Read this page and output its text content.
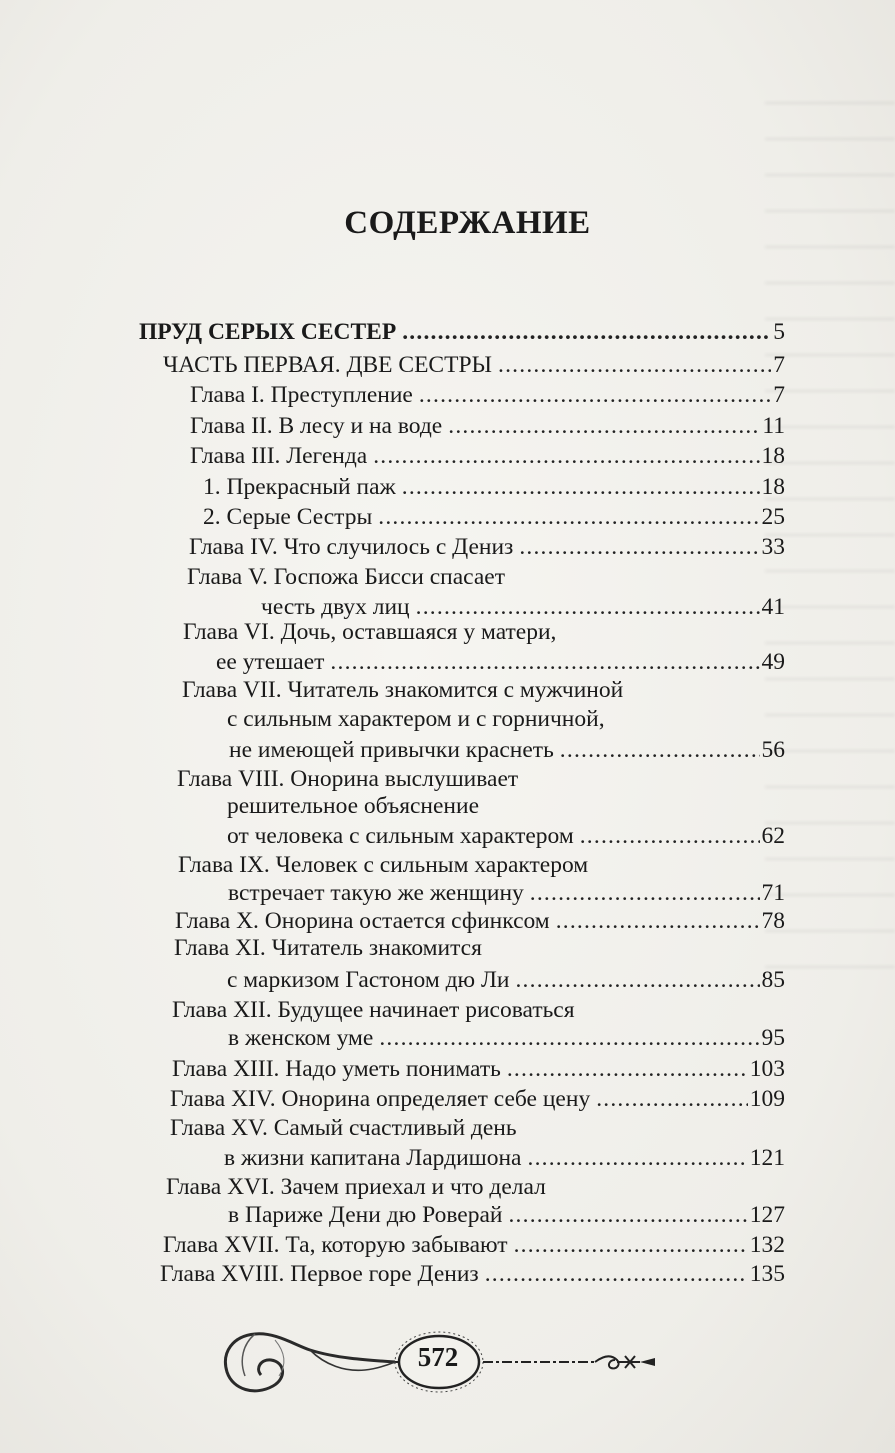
СОДЕРЖАНИЕ
ПРУД СЕРЫХ СЕСТЕР .....	5
ЧАСТЬ ПЕРВАЯ. ДВЕ СЕСТРЫ .....	7
Глава I. Преступление .....	7
Глава II. В лесу и на воде .....	11
Глава III. Легенда .....	18
1. Прекрасный паж .....	18
2. Серые Сестры .....	25
Глава IV. Что случилось с Дениз .....	33
Глава V. Госпожа Бисси спасает
честь двух лиц .....	41
Глава VI. Дочь, оставшаяся у матери,
ее утешает .....	49
Глава VII. Читатель знакомится с мужчиной
с сильным характером и с горничной,
не имеющей привычки краснеть .....	56
Глава VIII. Онорина выслушивает
решительное объяснение
от человека с сильным характером .....	62
Глава IX. Человек с сильным характером
встречает такую же женщину .....	71
Глава X. Онорина остается сфинксом .....	78
Глава XI. Читатель знакомится
с маркизом Гастоном дю Ли .....	85
Глава XII. Будущее начинает рисоваться
в женском уме .....	95
Глава XIII. Надо уметь понимать .....	103
Глава XIV. Онорина определяет себе цену .....	109
Глава XV. Самый счастливый день
в жизни капитана Лардишона .....	121
Глава XVI. Зачем приехал и что делал
в Париже Дени дю Роверай .....	127
Глава XVII. Та, которую забывают .....	132
Глава XVIII. Первое горе Дениз .....	135
572
